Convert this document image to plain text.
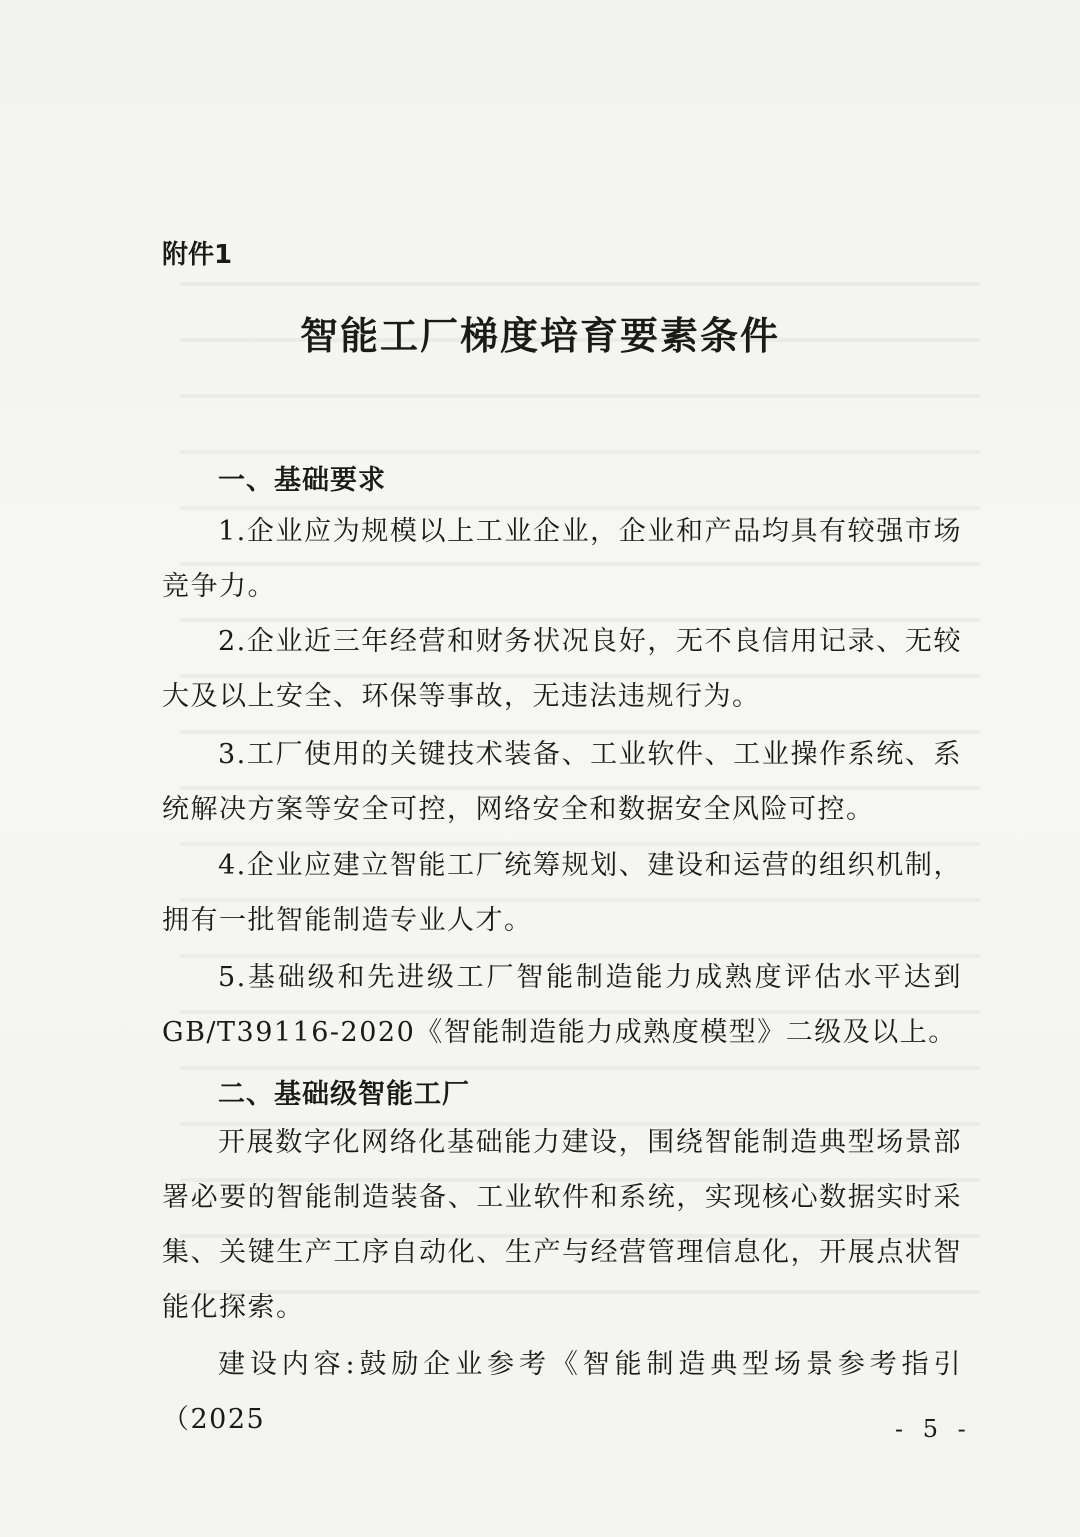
附件1
智能工厂梯度培育要素条件
一、基础要求

1.企业应为规模以上工业企业，企业和产品均具有较强市场竞争力。

2.企业近三年经营和财务状况良好，无不良信用记录、无较大及以上安全、环保等事故，无违法违规行为。

3.工厂使用的关键技术装备、工业软件、工业操作系统、系统解决方案等安全可控，网络安全和数据安全风险可控。

4.企业应建立智能工厂统筹规划、建设和运营的组织机制，拥有一批智能制造专业人才。

5.基础级和先进级工厂智能制造能力成熟度评估水平达到GB/T39116-2020《智能制造能力成熟度模型》二级及以上。

二、基础级智能工厂

开展数字化网络化基础能力建设，围绕智能制造典型场景部署必要的智能制造装备、工业软件和系统，实现核心数据实时采集、关键生产工序自动化、生产与经营管理信息化，开展点状智能化探索。

建设内容:鼓励企业参考《智能制造典型场景参考指引（2025	- 5 -
